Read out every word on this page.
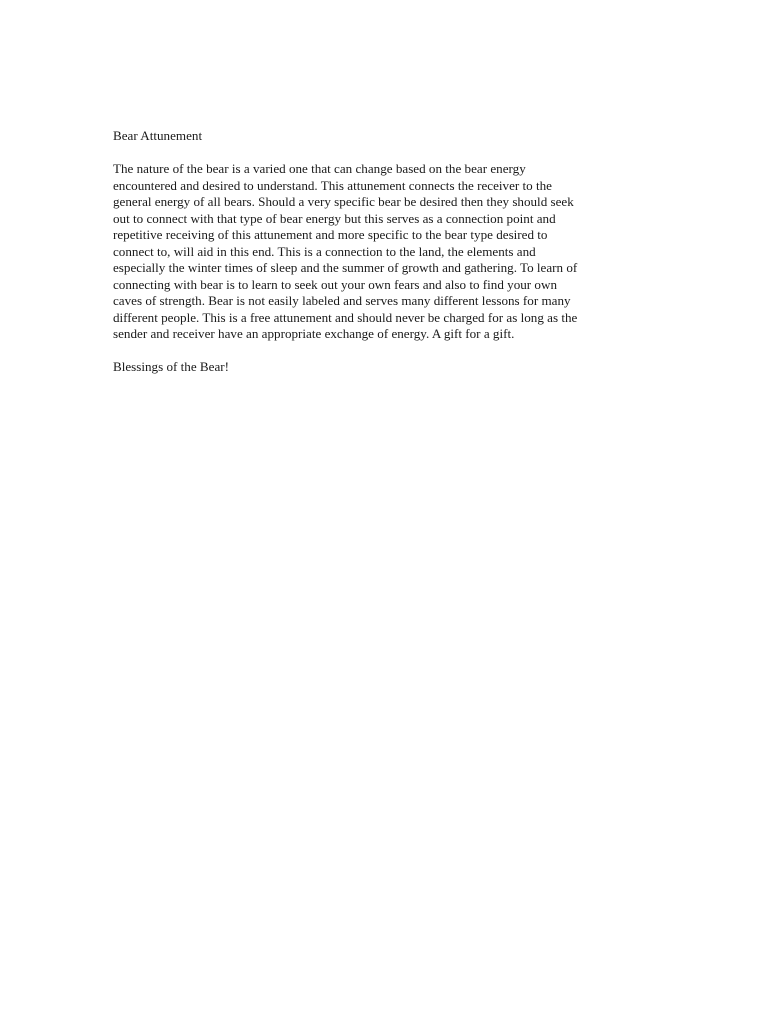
Bear Attunement
The nature of the bear is a varied one that can change based on the bear energy
encountered and desired to understand. This attunement connects the receiver to the
general energy of all bears. Should a very specific bear be desired then they should seek
out to connect with that type of bear energy but this serves as a connection point and
repetitive receiving of this attunement and more specific to the bear type desired to
connect to, will aid in this end. This is a connection to the land, the elements and
especially the winter times of sleep and the summer of growth and gathering. To learn of
connecting with bear is to learn to seek out your own fears and also to find your own
caves of strength. Bear is not easily labeled and serves many different lessons for many
different people. This is a free attunement and should never be charged for as long as the
sender and receiver have an appropriate exchange of energy. A gift for a gift.
Blessings of the Bear!
